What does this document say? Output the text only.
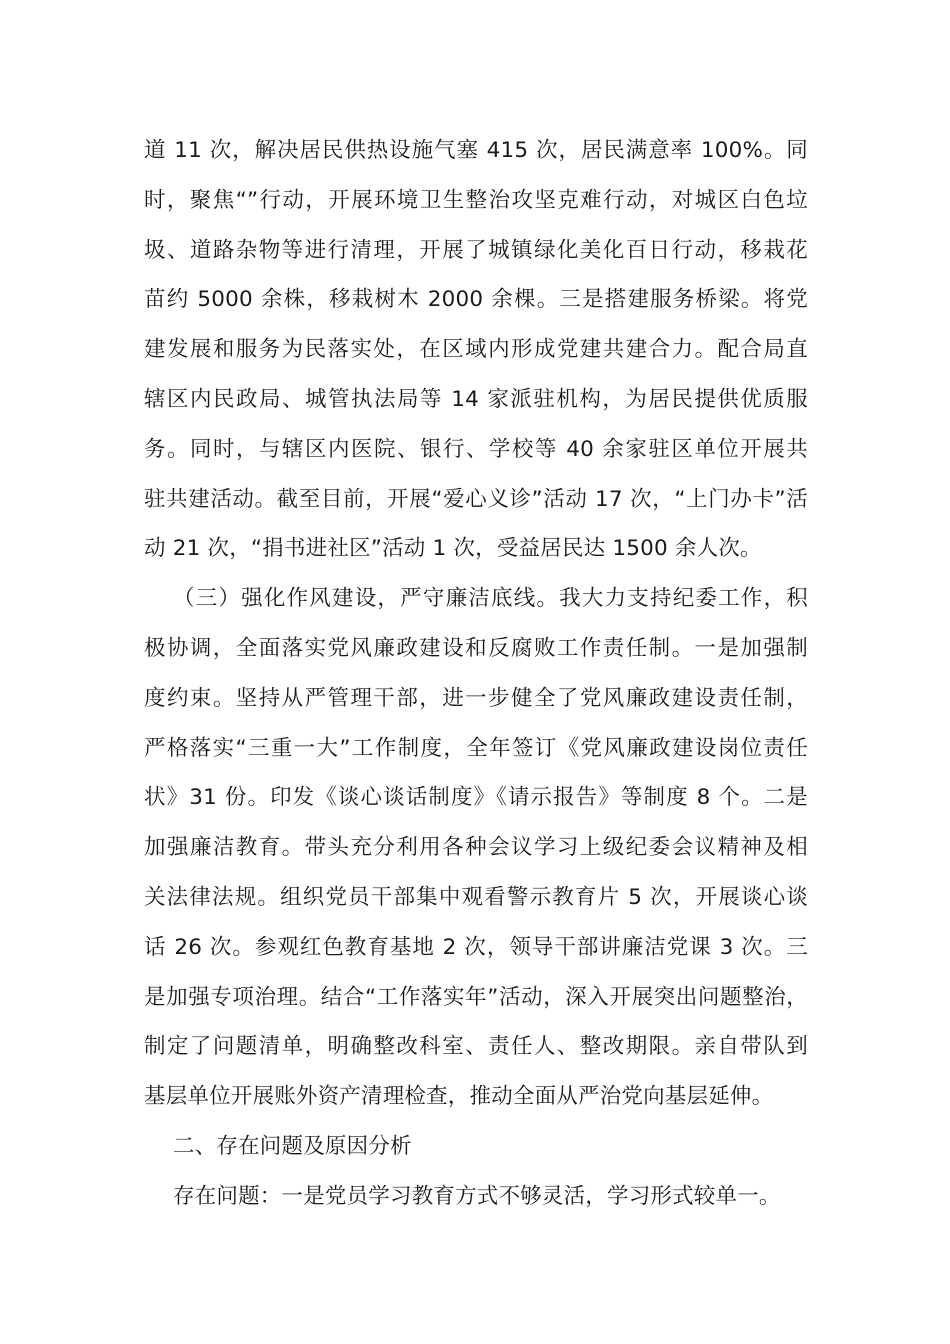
道 11 次，解决居民供热设施气塞 415 次，居民满意率 100%。同
时，聚焦“”行动，开展环境卫生整治攻坚克难行动，对城区白色垃
圾、道路杂物等进行清理，开展了城镇绿化美化百日行动，移栽花
苗约 5000 余株，移栽树木 2000 余棵。三是搭建服务桥梁。将党
建发展和服务为民落实处，在区域内形成党建共建合力。配合局直
辖区内民政局、城管执法局等 14 家派驻机构，为居民提供优质服
务。同时，与辖区内医院、银行、学校等 40 余家驻区单位开展共
驻共建活动。截至目前，开展“爱心义诊”活动 17 次，“上门办卡”活
动 21 次，“捐书进社区”活动 1 次，受益居民达 1500 余人次。
（三）强化作风建设，严守廉洁底线。我大力支持纪委工作，积
极协调，全面落实党风廉政建设和反腐败工作责任制。一是加强制
度约束。坚持从严管理干部，进一步健全了党风廉政建设责任制，
严格落实“三重一大”工作制度，全年签订《党风廉政建设岗位责任
状》31 份。印发《谈心谈话制度》《请示报告》等制度 8 个。二是
加强廉洁教育。带头充分利用各种会议学习上级纪委会议精神及相
关法律法规。组织党员干部集中观看警示教育片 5 次，开展谈心谈
话 26 次。参观红色教育基地 2 次，领导干部讲廉洁党课 3 次。三
是加强专项治理。结合“工作落实年”活动，深入开展突出问题整治，
制定了问题清单，明确整改科室、责任人、整改期限。亲自带队到
基层单位开展账外资产清理检查，推动全面从严治党向基层延伸。
二、存在问题及原因分析
存在问题：一是党员学习教育方式不够灵活，学习形式较单一。
